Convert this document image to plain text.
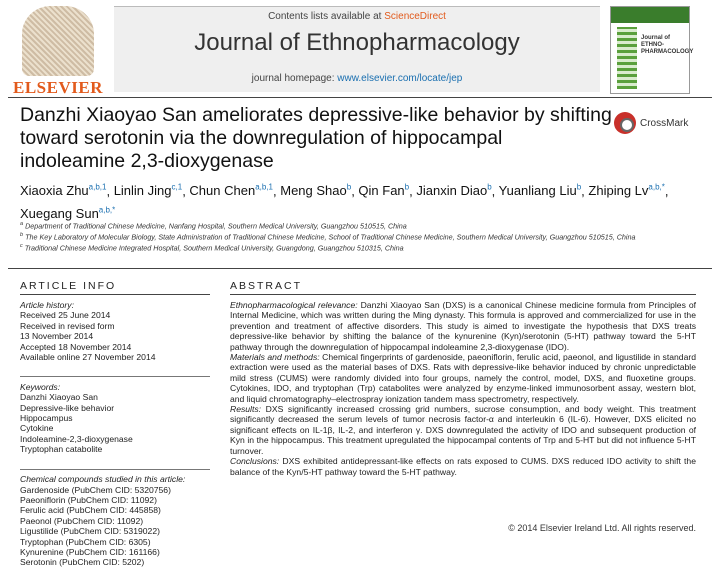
ELSEVIER
Contents lists available at ScienceDirect
Journal of Ethnopharmacology
journal homepage: www.elsevier.com/locate/jep
Journal of
ETHNO-
PHARMACOLOGY
Danzhi Xiaoyao San ameliorates depressive-like behavior by shifting toward serotonin via the downregulation of hippocampal indoleamine 2,3-dioxygenase
CrossMark
Xiaoxia Zhu$^{a,b,1}$, Linlin Jing$^{c,1}$, Chun Chen$^{a,b,1}$, Meng Shao$^b$, Qin Fan$^b$, Jianxin Diao$^b$, Yuanliang Liu$^b$, Zhiping $Lv^{a,b,*}$, Xuegang Sun$^{a,b,*}$
$^a$ Department of Traditional Chinese Medicine, Nanfang Hospital, Southern Medical University, Guangzhou 510515, China
$^b$ The Key Laboratory of Molecular Biology, State Administration of Traditional Chinese Medicine, School of Traditional Chinese Medicine, Southern Medical University, Guangzhou 510515, China
$^c$ Traditional Chinese Medicine Integrated Hospital, Southern Medical University, Guangdong, Guangzhou 510315, China
ARTICLE INFO	ABSTRACT
Article history:
Received 25 June 2014
Received in revised form
13 November 2014
Accepted 18 November 2014
Available online 27 November 2014
Keywords:
Danzhi Xiaoyao San
Depressive-like behavior
Hippocampus
Cytokine
Indoleamine-2,3-dioxygenase
Tryptophan catabolite
Chemical compounds studied in this article:
Gardenoside (PubChem CID: 5320756)
Paeoniflorin (PubChem CID: 11092)
Ferulic acid (PubChem CID: 445858)
Paeonol (PubChem CID: 11092)
Ligustilide (PubChem CID: 5319022)
Tryptophan (PubChem CID: 6305)
Kynurenine (PubChem CID: 161166)
Serotonin (PubChem CID: 5202)

Ethnopharmacological relevance: Danzhi Xiaoyao San (DXS) is a canonical Chinese medicine formula from Principles of Internal Medicine, which was written during the Ming dynasty. This formula is approved and commercialized for use in the prevention and treatment of affective disorders. This study is aimed to investigate the hypothesis that DXS treats depressive-like behavior by shifting the balance of the kynurenine (Kyn)/serotonin (5-HT) pathway toward the 5-HT pathway through the downregulation of hippocampal indoleamine 2,3-dioxygenase (IDO).

Materials and methods: Chemical fingerprints of gardenoside, paeoniflorin, ferulic acid, paeonol, and ligustilide in standard extraction were used as the material bases of DXS. Rats with depressive-like behavior induced by chronic unpredictable mild stress (CUMS) were randomly divided into four groups, namely the control, model, DXS, and fluoxetine groups. Cytokines, IDO, and tryptophan (Trp) catabolites were analyzed by enzyme-linked immunosorbent assay, western blot, and liquid chromatography–electrospray ionization tandem mass spectrometry, respectively.

Results: DXS significantly increased crossing grid numbers, sucrose consumption, and body weight. This treatment significantly decreased the serum levels of tumor necrosis factor-α and interleukin 6 (IL-6). However, DXS elicited no significant effects on IL-1β, IL-2, and interferon γ. DXS downregulated the activity of IDO and subsequent production of Kyn in the hippocampus. This treatment upregulated the hippocampal contents of Trp and 5-HT but did not influence 5-HT turnover.

Conclusions: DXS exhibited antidepressant-like effects on rats exposed to CUMS. DXS reduced IDO activity to shift the balance of the Kyn/5-HT pathway toward the 5-HT pathway.

© 2014 Elsevier Ireland Ltd. All rights reserved.
